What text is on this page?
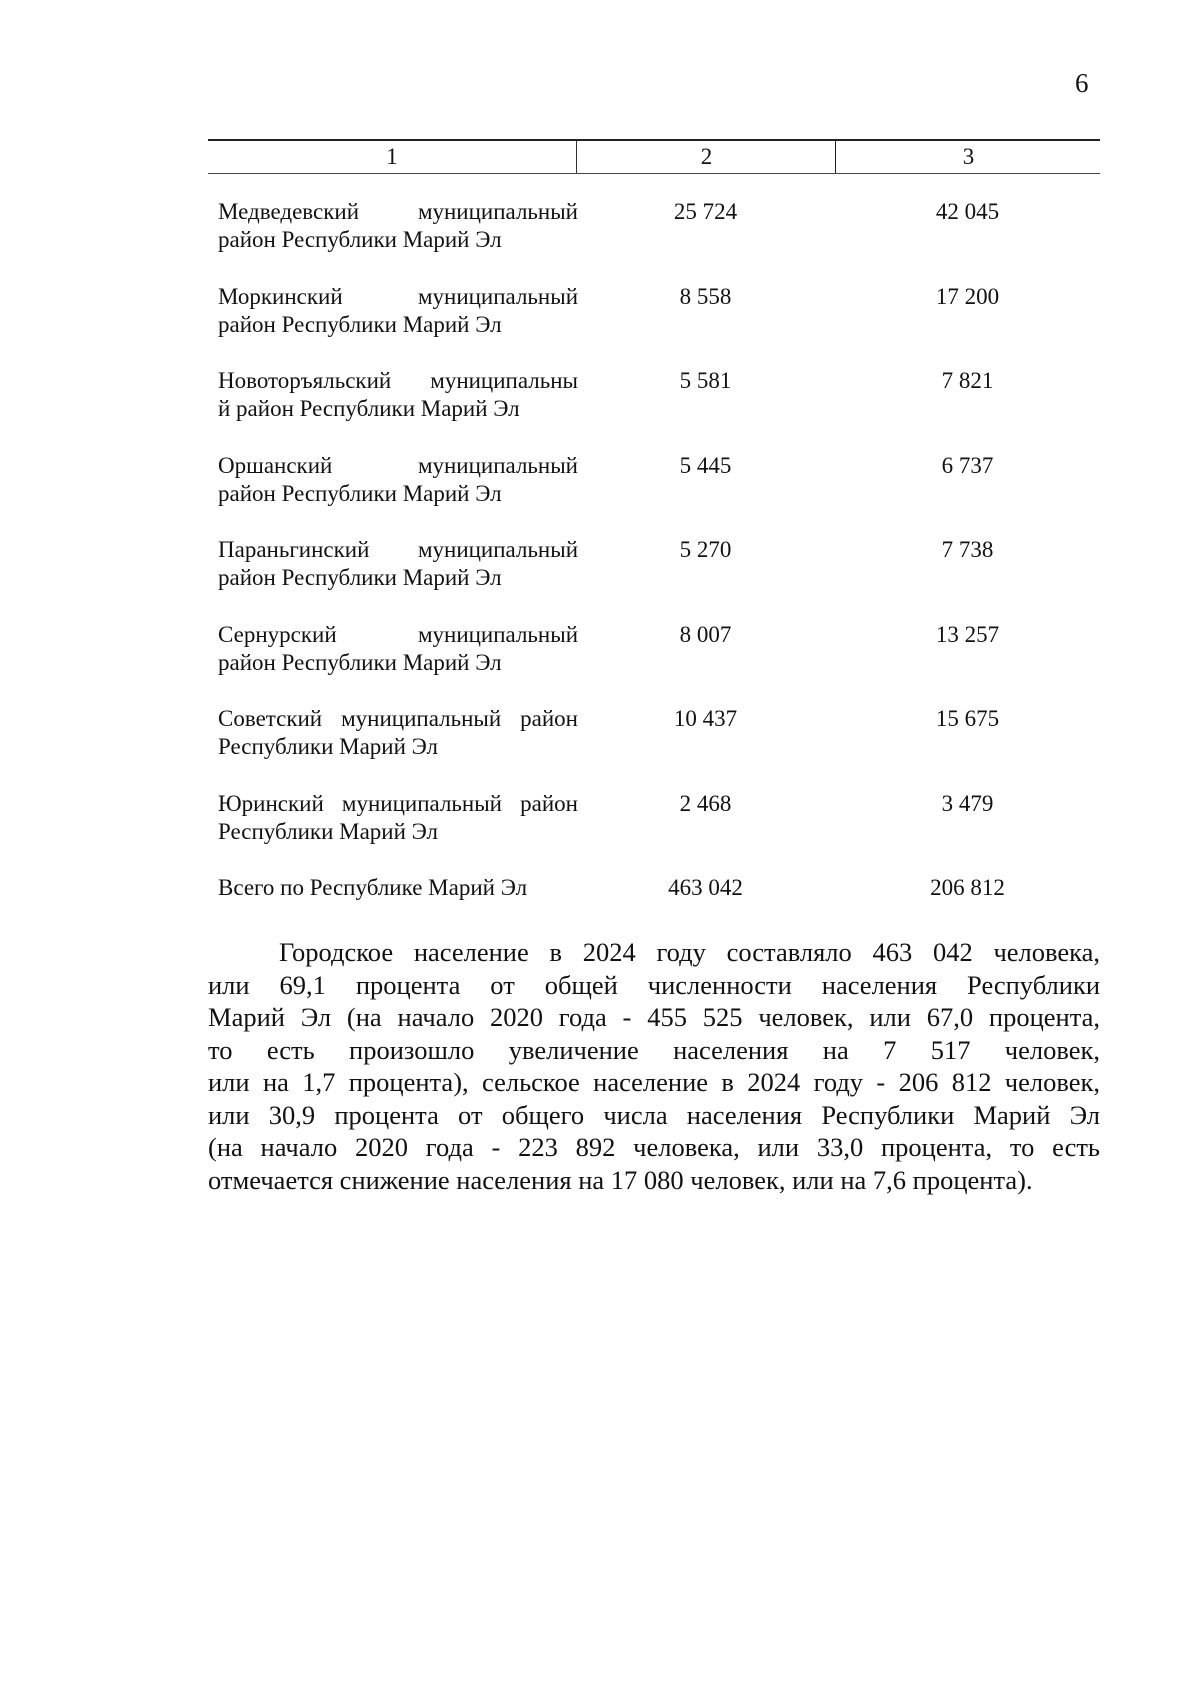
6
1	2	3
Медведевский муниципальный
район Республики Марий Эл
25 724	42 045
Моркинский муниципальный
район Республики Марий Эл
8 558	17 200
Новоторъяльский муниципальны
й район Республики Марий Эл
5 581	7 821
Оршанский муниципальный
район Республики Марий Эл
5 445	6 737
Параньгинский муниципальный
район Республики Марий Эл
5 270	7 738
Сернурский муниципальный
район Республики Марий Эл
8 007	13 257
Советский муниципальный район
Республики Марий Эл
10 437	15 675
Юринский муниципальный район
Республики Марий Эл
2 468	3 479
Всего по Республике Марий Эл	463 042	206 812
Городское население в 2024 году составляло 463 042 человека,
или 69,1 процента от общей численности населения Республики
Марий Эл (на начало 2020 года - 455 525 человек, или 67,0 процента,
то есть произошло увеличение населения на 7 517 человек,
или на 1,7 процента), сельское население в 2024 году - 206 812 человек,
или 30,9 процента от общего числа населения Республики Марий Эл
(на начало 2020 года - 223 892 человека, или 33,0 процента, то есть
отмечается снижение населения на 17 080 человек, или на 7,6 процента).
